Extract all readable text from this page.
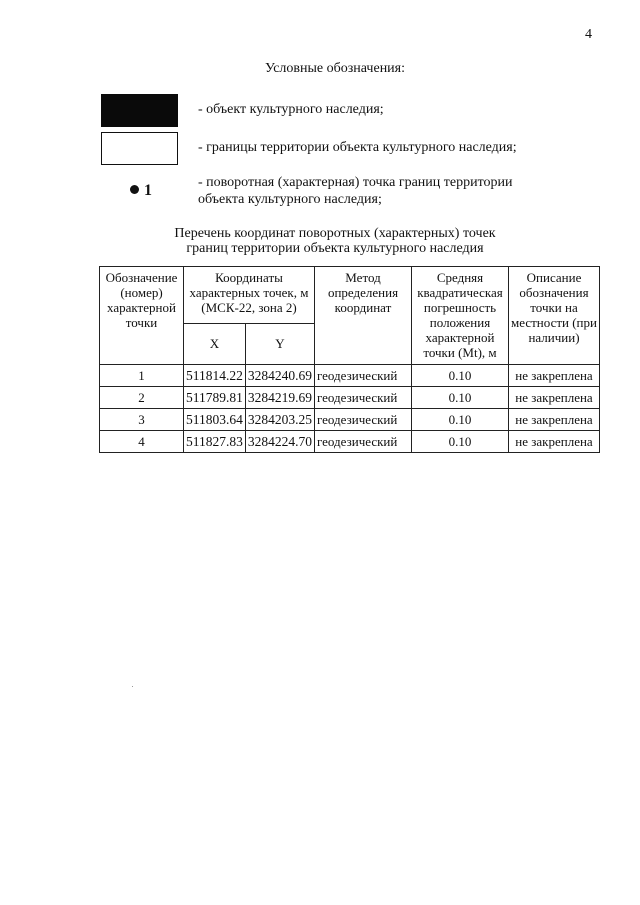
4
Условные обозначения:
- объект культурного наследия;
- границы территории объекта культурного наследия;
1	- поворотная (характерная) точка границ территории объекта культурного наследия;
Перечень координат поворотных (характерных) точек
границ территории объекта культурного наследия
Обозначение (номер) характерной точки	Координаты характерных точек, м (МСК-22, зона 2)		Метод определения координат	Средняя квадратическая погрешность положения характерной точки (Mt), м	Описание обозначения точки на местности (при наличии)
	X	Y			
1	511814.22	3284240.69	геодезический	0.10	не закреплена
2	511789.81	3284219.69	геодезический	0.10	не закреплена
3	511803.64	3284203.25	геодезический	0.10	не закреплена
4	511827.83	3284224.70	геодезический	0.10	не закреплена
